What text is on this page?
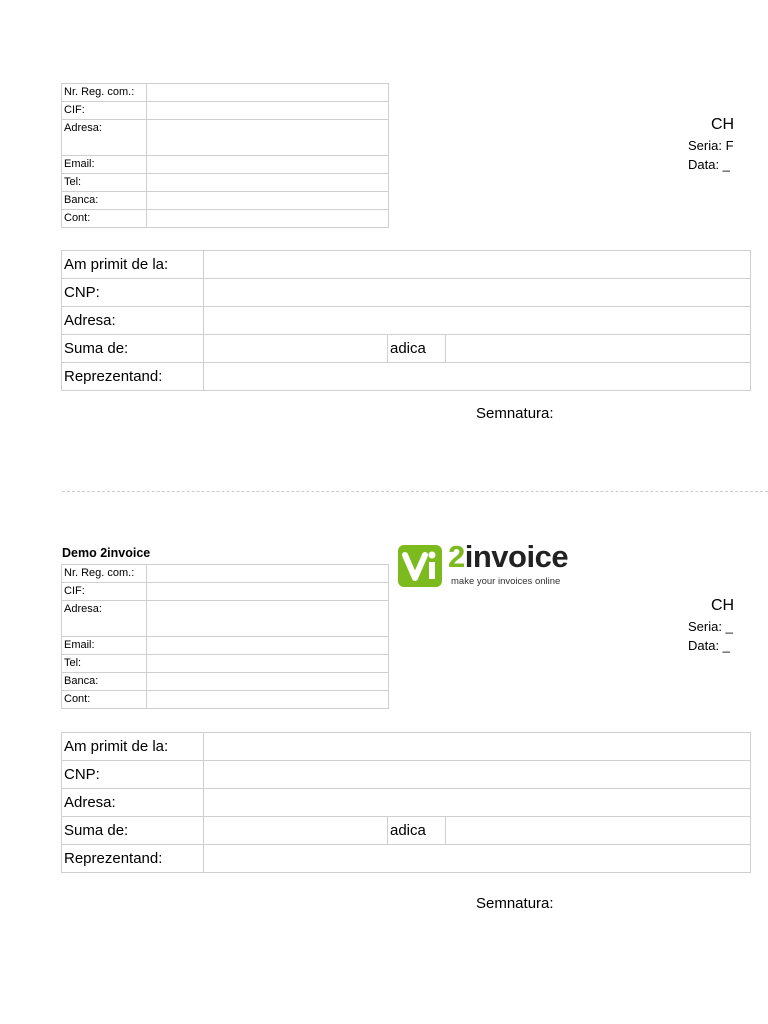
Nr. Reg. com.:	
CIF:	
Adresa:	
Email:	
Tel:	
Banca:	
Cont:	
CH
Seria: F
Data: _
Am primit de la:			
CNP:			
Adresa:			
Suma de:		adica	
Reprezentand:			
Semnatura:
Demo 2invoice	2invoice
make your invoices online
Nr. Reg. com.:	
CIF:	
Adresa:	
Email:	
Tel:	
Banca:	
Cont:	
CH
Seria: _
Data: _
Am primit de la:			
CNP:			
Adresa:			
Suma de:		adica	
Reprezentand:			
Semnatura:
